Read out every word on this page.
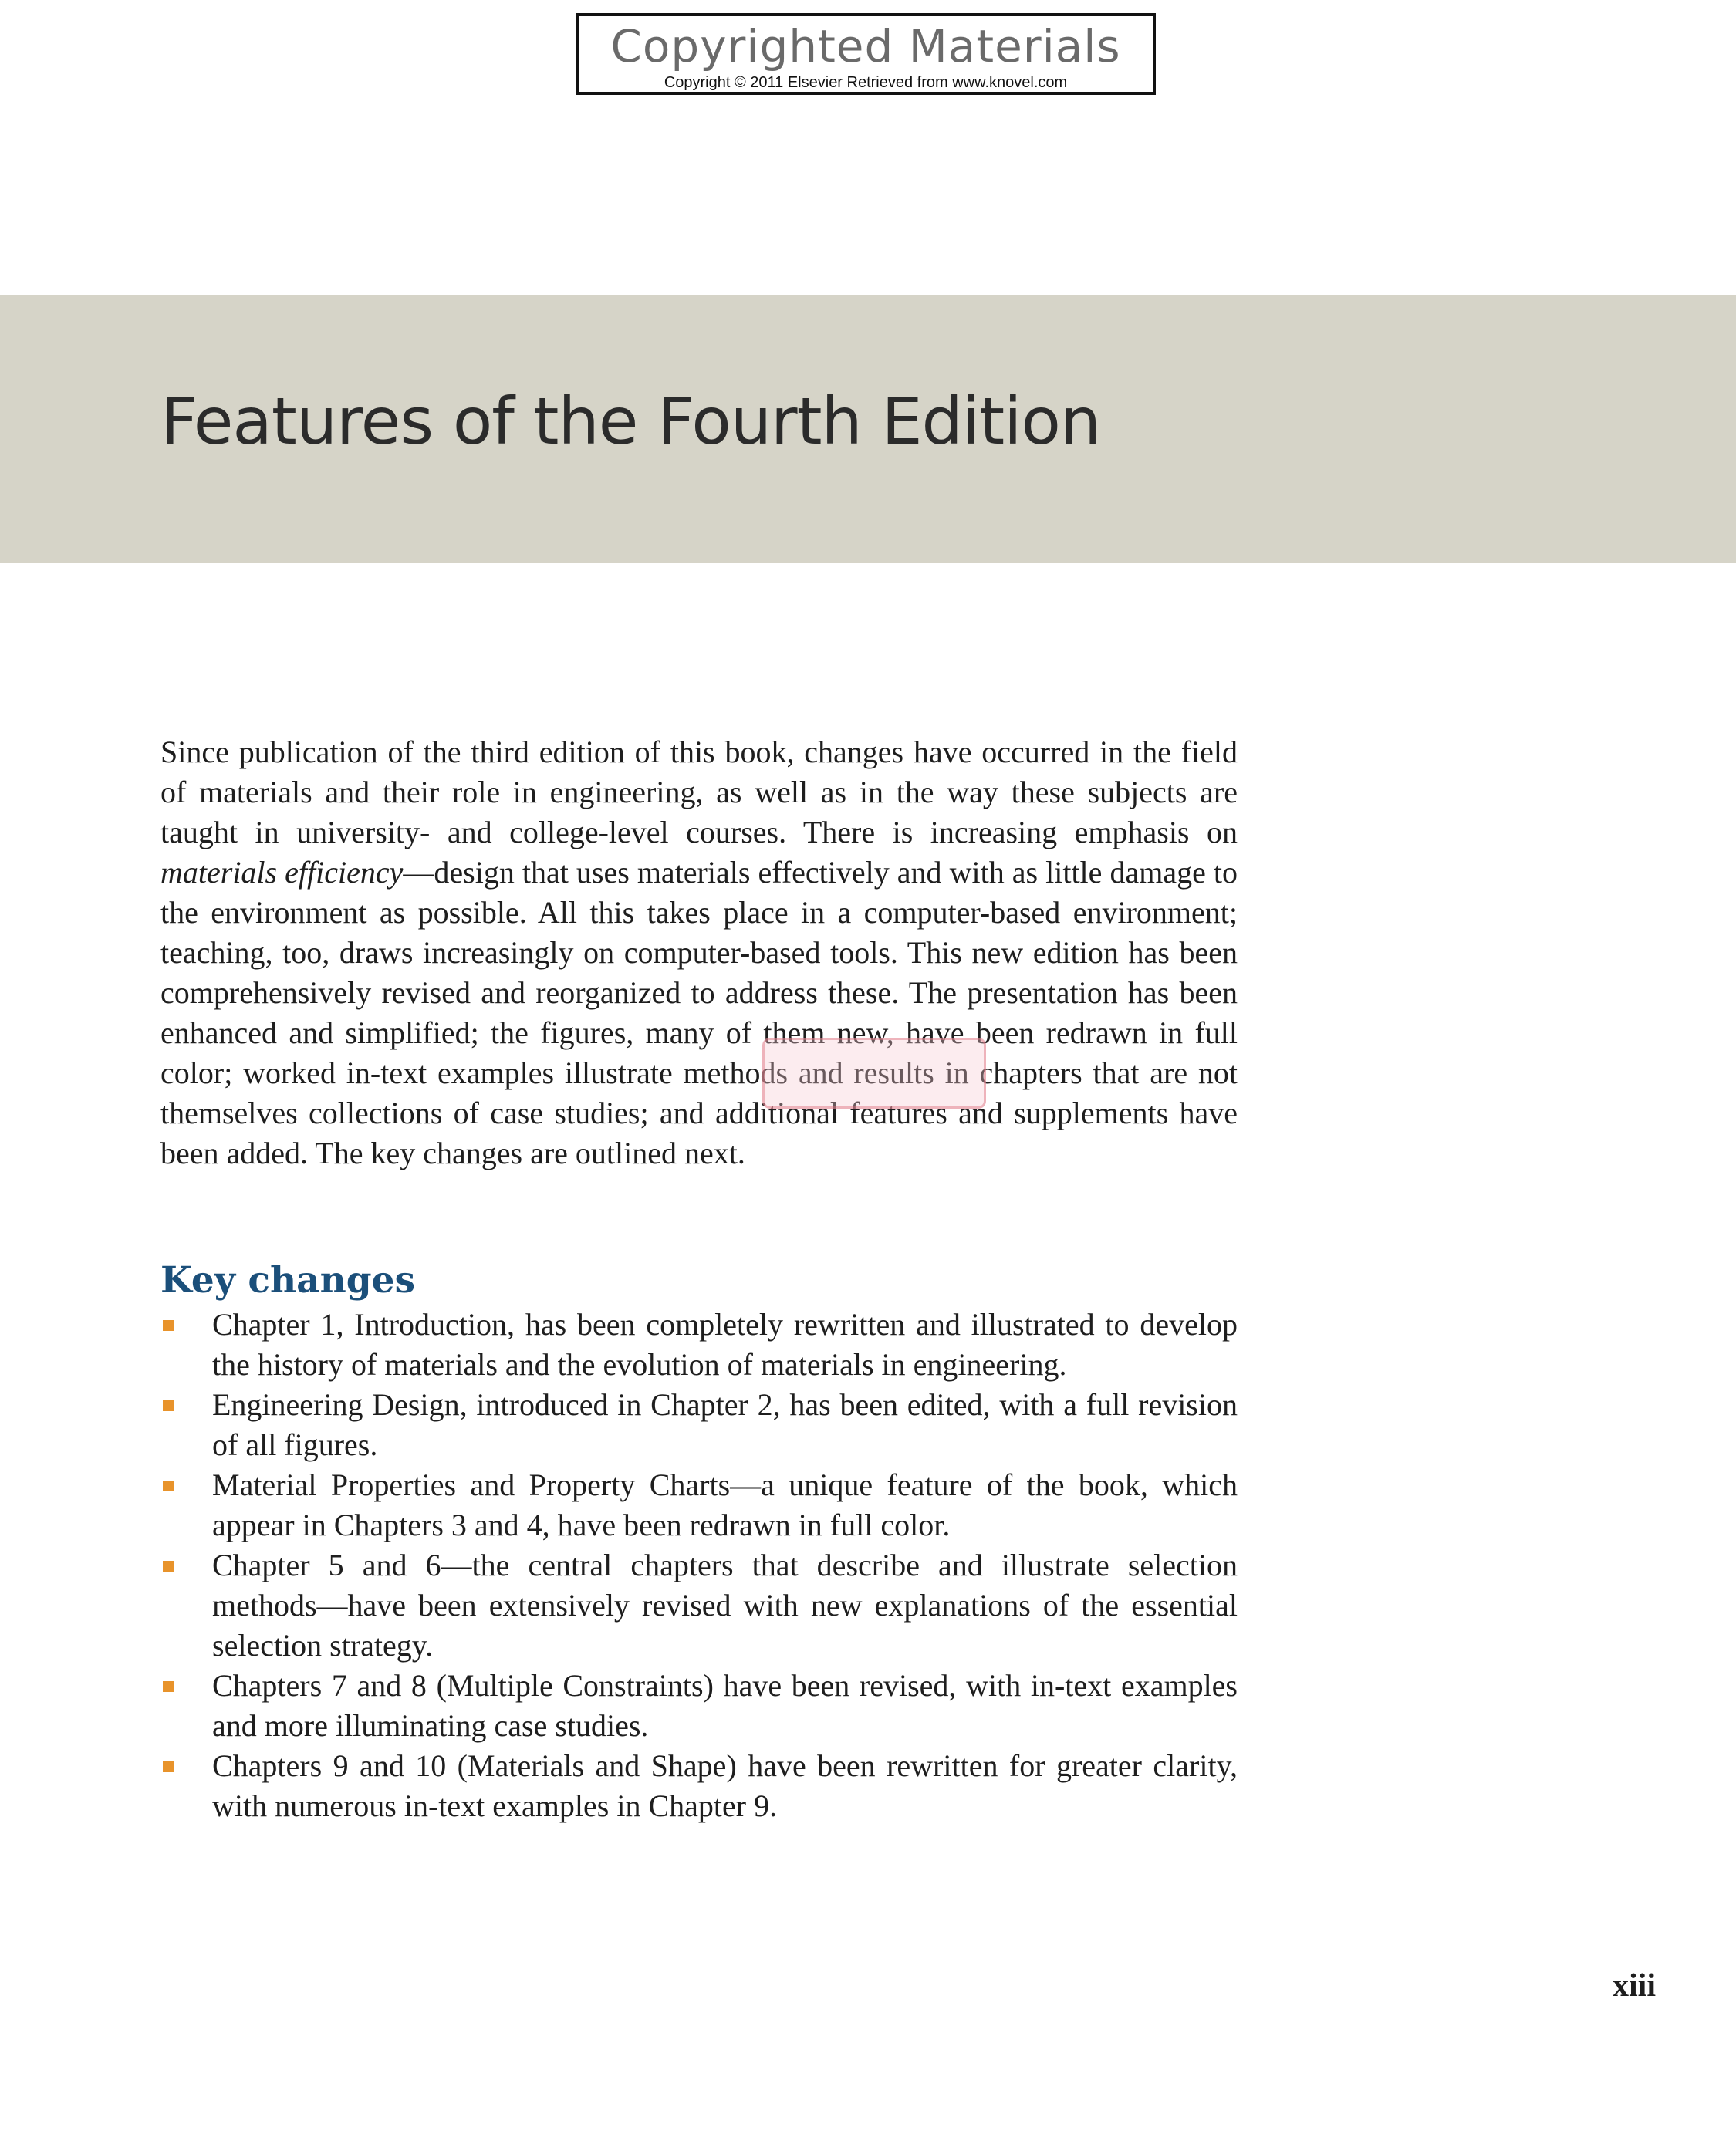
Copyrighted Materials
Copyright © 2011 Elsevier Retrieved from www.knovel.com
Features of the Fourth Edition

Since publication of the third edition of this book, changes have occurred in the field of materials and their role in engineering, as well as in the way these subjects are taught in university- and college-level courses. There is increasing emphasis on materials efficiency—design that uses materials effectively and with as little damage to the environment as possible. All this takes place in a computer-based environment; teaching, too, draws increasingly on computer-based tools. This new edition has been comprehensively revised and reorganized to address these. The presentation has been enhanced and simplified; the figures, many of them new, have been redrawn in full color; worked in-text examples illustrate methods and results in chapters that are not themselves collections of case studies; and additional features and supplements have been added. The key changes are outlined next.

Key changes
Chapter 1, Introduction, has been completely rewritten and illustrated to develop the history of materials and the evolution of materials in engineering.
Engineering Design, introduced in Chapter 2, has been edited, with a full revision of all figures.
Material Properties and Property Charts—a unique feature of the book, which appear in Chapters 3 and 4, have been redrawn in full color.
Chapter 5 and 6—the central chapters that describe and illustrate selection methods—have been extensively revised with new explanations of the essential selection strategy.
Chapters 7 and 8 (Multiple Constraints) have been revised, with in-text examples and more illuminating case studies.
Chapters 9 and 10 (Materials and Shape) have been rewritten for greater clarity, with numerous in-text examples in Chapter 9.

xiii
